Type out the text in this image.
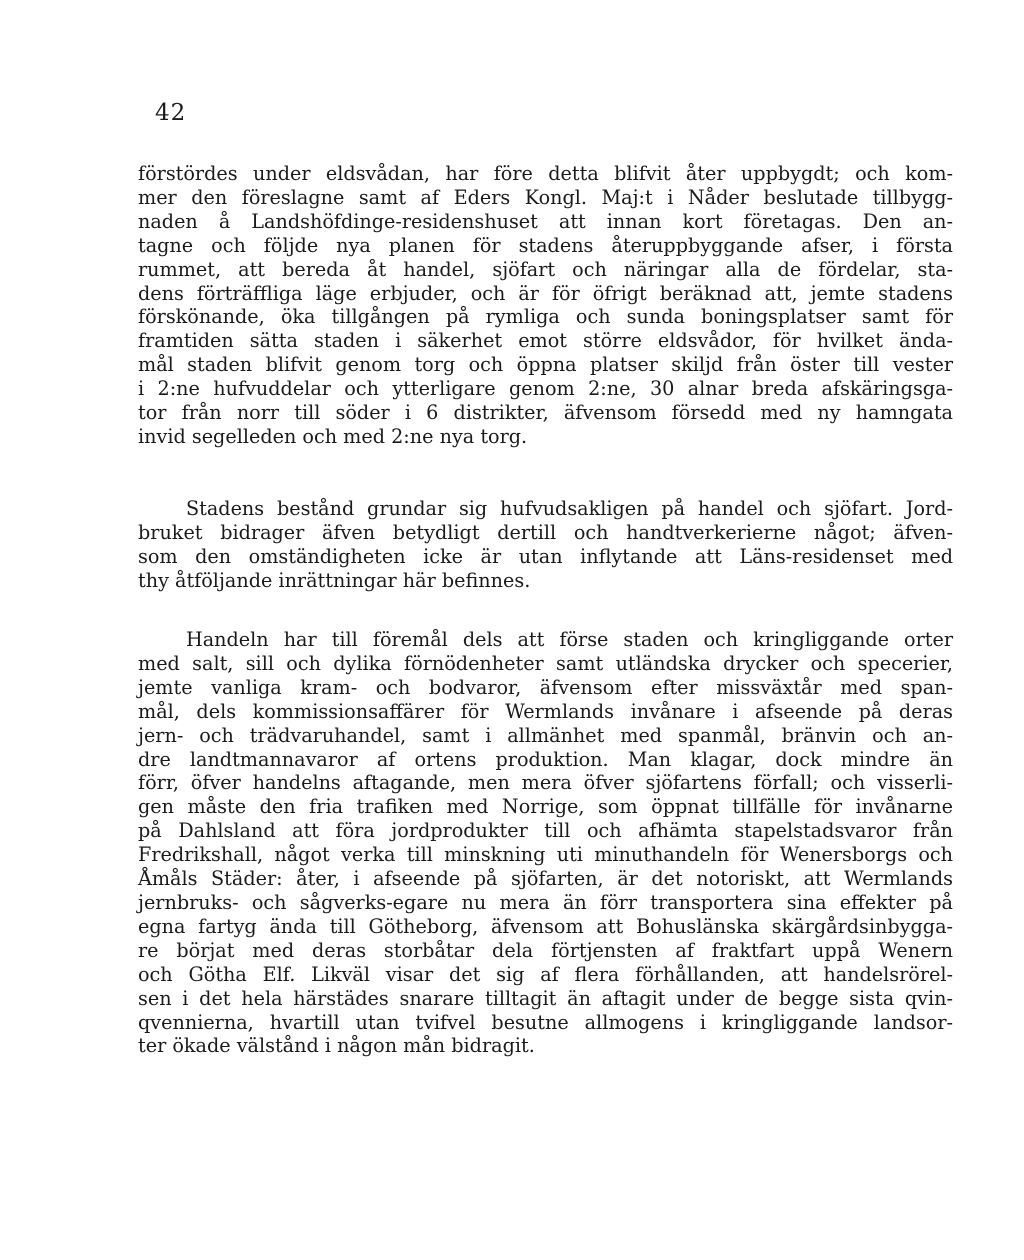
42
förstördes under eldsvådan, har före detta blifvit åter uppbygdt; och kom-
mer den föreslagne samt af Eders Kongl. Maj:t i Nåder beslutade tillbygg-
naden å Landshöfdinge-residenshuset att innan kort företagas. Den an-
tagne och följde nya planen för stadens återuppbyggande afser, i första
rummet, att bereda åt handel, sjöfart och näringar alla de fördelar, sta-
dens förträffliga läge erbjuder, och är för öfrigt beräknad att, jemte stadens
förskönande, öka tillgången på rymliga och sunda boningsplatser samt för
framtiden sätta staden i säkerhet emot större eldsvådor, för hvilket ända-
mål staden blifvit genom torg och öppna platser skiljd från öster till vester
i 2:ne hufvuddelar och ytterligare genom 2:ne, 30 alnar breda afskäringsga-
tor från norr till söder i 6 distrikter, äfvensom försedd med ny hamngata
invid segelleden och med 2:ne nya torg.
Stadens bestånd grundar sig hufvudsakligen på handel och sjöfart. Jord-
bruket bidrager äfven betydligt dertill och handtverkerierne något; äfven-
som den omständigheten icke är utan inflytande att Läns-residenset med
thy åtföljande inrättningar här befinnes.
Handeln har till föremål dels att förse staden och kringliggande orter
med salt, sill och dylika förnödenheter samt utländska drycker och specerier,
jemte vanliga kram- och bodvaror, äfvensom efter missväxtår med span-
mål, dels kommissionsaffärer för Wermlands invånare i afseende på deras
jern- och trädvaruhandel, samt i allmänhet med spanmål, bränvin och an-
dre landtmannavaror af ortens produktion. Man klagar, dock mindre än
förr, öfver handelns aftagande, men mera öfver sjöfartens förfall; och visserli-
gen måste den fria trafiken med Norrige, som öppnat tillfälle för invånarne
på Dahlsland att föra jordprodukter till och afhämta stapelstadsvaror från
Fredrikshall, något verka till minskning uti minuthandeln för Wenersborgs och
Åmåls Städer: åter, i afseende på sjöfarten, är det notoriskt, att Wermlands
jernbruks- och sågverks-egare nu mera än förr transportera sina effekter på
egna fartyg ända till Götheborg, äfvensom att Bohuslänska skärgårdsinbyggа-
re börjat med deras storbåtar dela förtjensten af fraktfart uppå Wenern
och Götha Elf. Likväl visar det sig af flera förhållanden, att handelsrörel-
sen i det hela härstädes snarare tilltagit än aftagit under de begge sista qvin-
qvennierna, hvartill utan tvifvel besutne allmogens i kringliggande landsor-
ter ökade välstånd i någon mån bidragit.
